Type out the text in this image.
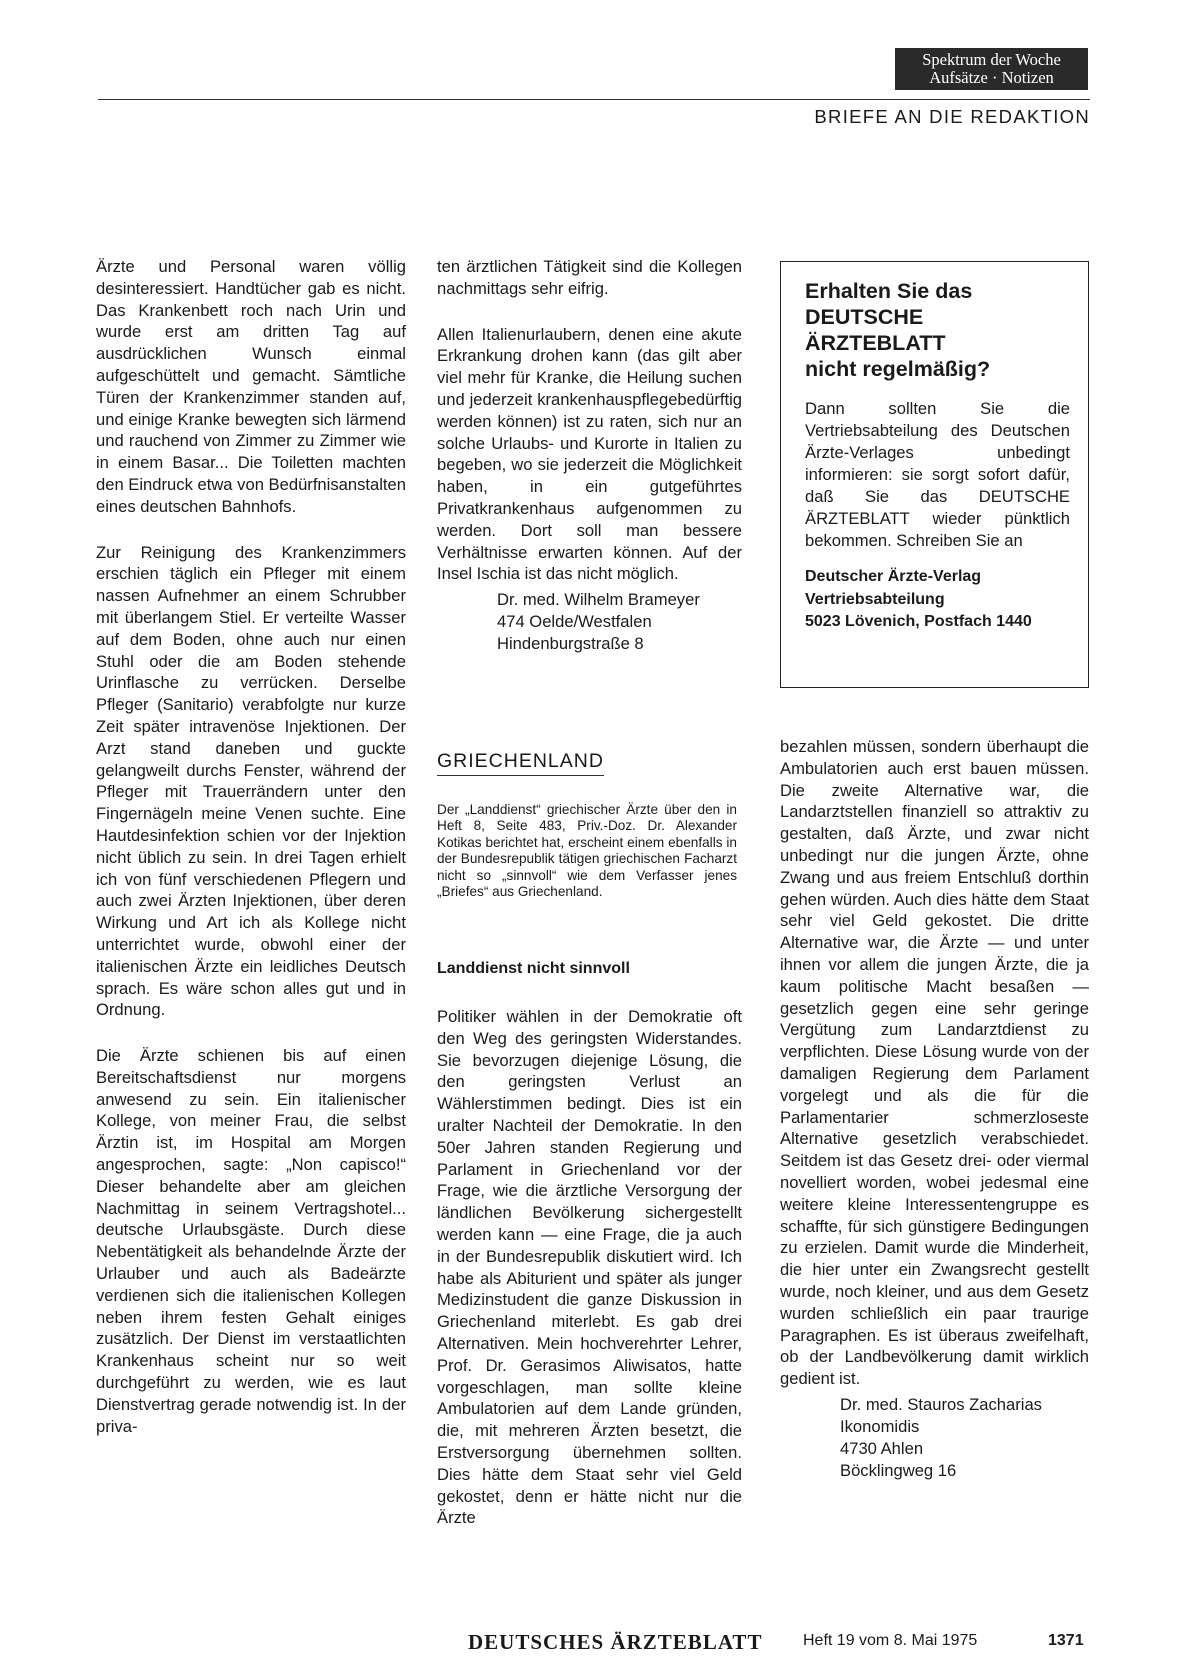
Spektrum der Woche
Aufsätze · Notizen
BRIEFE AN DIE REDAKTION

Ärzte und Personal waren völlig desinteressiert. Handtücher gab es nicht. Das Krankenbett roch nach Urin und wurde erst am dritten Tag auf ausdrücklichen Wunsch einmal aufgeschüttelt und gemacht. Sämtliche Türen der Krankenzimmer standen auf, und einige Kranke bewegten sich lärmend und rauchend von Zimmer zu Zimmer wie in einem Basar... Die Toiletten machten den Eindruck etwa von Bedürfnisanstalten eines deutschen Bahnhofs.

Zur Reinigung des Krankenzimmers erschien täglich ein Pfleger mit einem nassen Aufnehmer an einem Schrubber mit überlangem Stiel. Er verteilte Wasser auf dem Boden, ohne auch nur einen Stuhl oder die am Boden stehende Urinflasche zu verrücken. Derselbe Pfleger (Sanitario) verabfolgte nur kurze Zeit später intravenöse Injektionen. Der Arzt stand daneben und guckte gelangweilt durchs Fenster, während der Pfleger mit Trauerrändern unter den Fingernägeln meine Venen suchte. Eine Hautdesinfektion schien vor der Injektion nicht üblich zu sein. In drei Tagen erhielt ich von fünf verschiedenen Pflegern und auch zwei Ärzten Injektionen, über deren Wirkung und Art ich als Kollege nicht unterrichtet wurde, obwohl einer der italienischen Ärzte ein leidliches Deutsch sprach. Es wäre schon alles gut und in Ordnung.

Die Ärzte schienen bis auf einen Bereitschaftsdienst nur morgens anwesend zu sein. Ein italienischer Kollege, von meiner Frau, die selbst Ärztin ist, im Hospital am Morgen angesprochen, sagte: „Non capisco!“ Dieser behandelte aber am gleichen Nachmittag in seinem Vertragshotel... deutsche Urlaubsgäste. Durch diese Nebentätigkeit als behandelnde Ärzte der Urlauber und auch als Badeärzte verdienen sich die italienischen Kollegen neben ihrem festen Gehalt einiges zusätzlich. Der Dienst im verstaatlichten Krankenhaus scheint nur so weit durchgeführt zu werden, wie es laut Dienstvertrag gerade notwendig ist. In der priva-

ten ärztlichen Tätigkeit sind die Kollegen nachmittags sehr eifrig.

Allen Italienurlaubern, denen eine akute Erkrankung drohen kann (das gilt aber viel mehr für Kranke, die Heilung suchen und jederzeit krankenhauspflegebedürftig werden können) ist zu raten, sich nur an solche Urlaubs- und Kurorte in Italien zu begeben, wo sie jederzeit die Möglichkeit haben, in ein gutgeführtes Privatkrankenhaus aufgenommen zu werden. Dort soll man bessere Verhältnisse erwarten können. Auf der Insel Ischia ist das nicht möglich.

Dr. med. Wilhelm Brameyer
474 Oelde/Westfalen
Hindenburgstraße 8
Erhalten Sie das
DEUTSCHE
ÄRZTEBLATT
nicht regelmäßig?
Dann sollten Sie die Vertriebsabteilung des Deutschen Ärzte-Verlages unbedingt informieren: sie sorgt sofort dafür, daß Sie das DEUTSCHE ÄRZTEBLATT wieder pünktlich bekommen. Schreiben Sie an
Deutscher Ärzte-Verlag
Vertriebsabteilung
5023 Lövenich, Postfach 1440
GRIECHENLAND
Der „Landdienst“ griechischer Ärzte über den in Heft 8, Seite 483, Priv.-Doz. Dr. Alexander Kotikas berichtet hat, erscheint einem ebenfalls in der Bundesrepublik tätigen griechischen Facharzt nicht so „sinnvoll“ wie dem Verfasser jenes „Briefes“ aus Griechenland.
Landdienst nicht sinnvoll

Politiker wählen in der Demokratie oft den Weg des geringsten Widerstandes. Sie bevorzugen diejenige Lösung, die den geringsten Verlust an Wählerstimmen bedingt. Dies ist ein uralter Nachteil der Demokratie. In den 50er Jahren standen Regierung und Parlament in Griechenland vor der Frage, wie die ärztliche Versorgung der ländlichen Bevölkerung sichergestellt werden kann — eine Frage, die ja auch in der Bundesrepublik diskutiert wird. Ich habe als Abiturient und später als junger Medizinstudent die ganze Diskussion in Griechenland miterlebt. Es gab drei Alternativen. Mein hochverehrter Lehrer, Prof. Dr. Gerasimos Aliwisatos, hatte vorgeschlagen, man sollte kleine Ambulatorien auf dem Lande gründen, die, mit mehreren Ärzten besetzt, die Erstversorgung übernehmen sollten. Dies hätte dem Staat sehr viel Geld gekostet, denn er hätte nicht nur die Ärzte

bezahlen müssen, sondern überhaupt die Ambulatorien auch erst bauen müssen. Die zweite Alternative war, die Landarztstellen finanziell so attraktiv zu gestalten, daß Ärzte, und zwar nicht unbedingt nur die jungen Ärzte, ohne Zwang und aus freiem Entschluß dorthin gehen würden. Auch dies hätte dem Staat sehr viel Geld gekostet. Die dritte Alternative war, die Ärzte — und unter ihnen vor allem die jungen Ärzte, die ja kaum politische Macht besaßen — gesetzlich gegen eine sehr geringe Vergütung zum Landarztdienst zu verpflichten. Diese Lösung wurde von der damaligen Regierung dem Parlament vorgelegt und als die für die Parlamentarier schmerzloseste Alternative gesetzlich verabschiedet. Seitdem ist das Gesetz drei- oder viermal novelliert worden, wobei jedesmal eine weitere kleine Interessentengruppe es schaffte, für sich günstigere Bedingungen zu erzielen. Damit wurde die Minderheit, die hier unter ein Zwangsrecht gestellt wurde, noch kleiner, und aus dem Gesetz wurden schließlich ein paar traurige Paragraphen. Es ist überaus zweifelhaft, ob der Landbevölkerung damit wirklich gedient ist.

Dr. med. Stauros Zacharias
Ikonomidis
4730 Ahlen
Böcklingweg 16
DEUTSCHES ÄRZTEBLATT	Heft 19 vom 8. Mai 1975	1371
